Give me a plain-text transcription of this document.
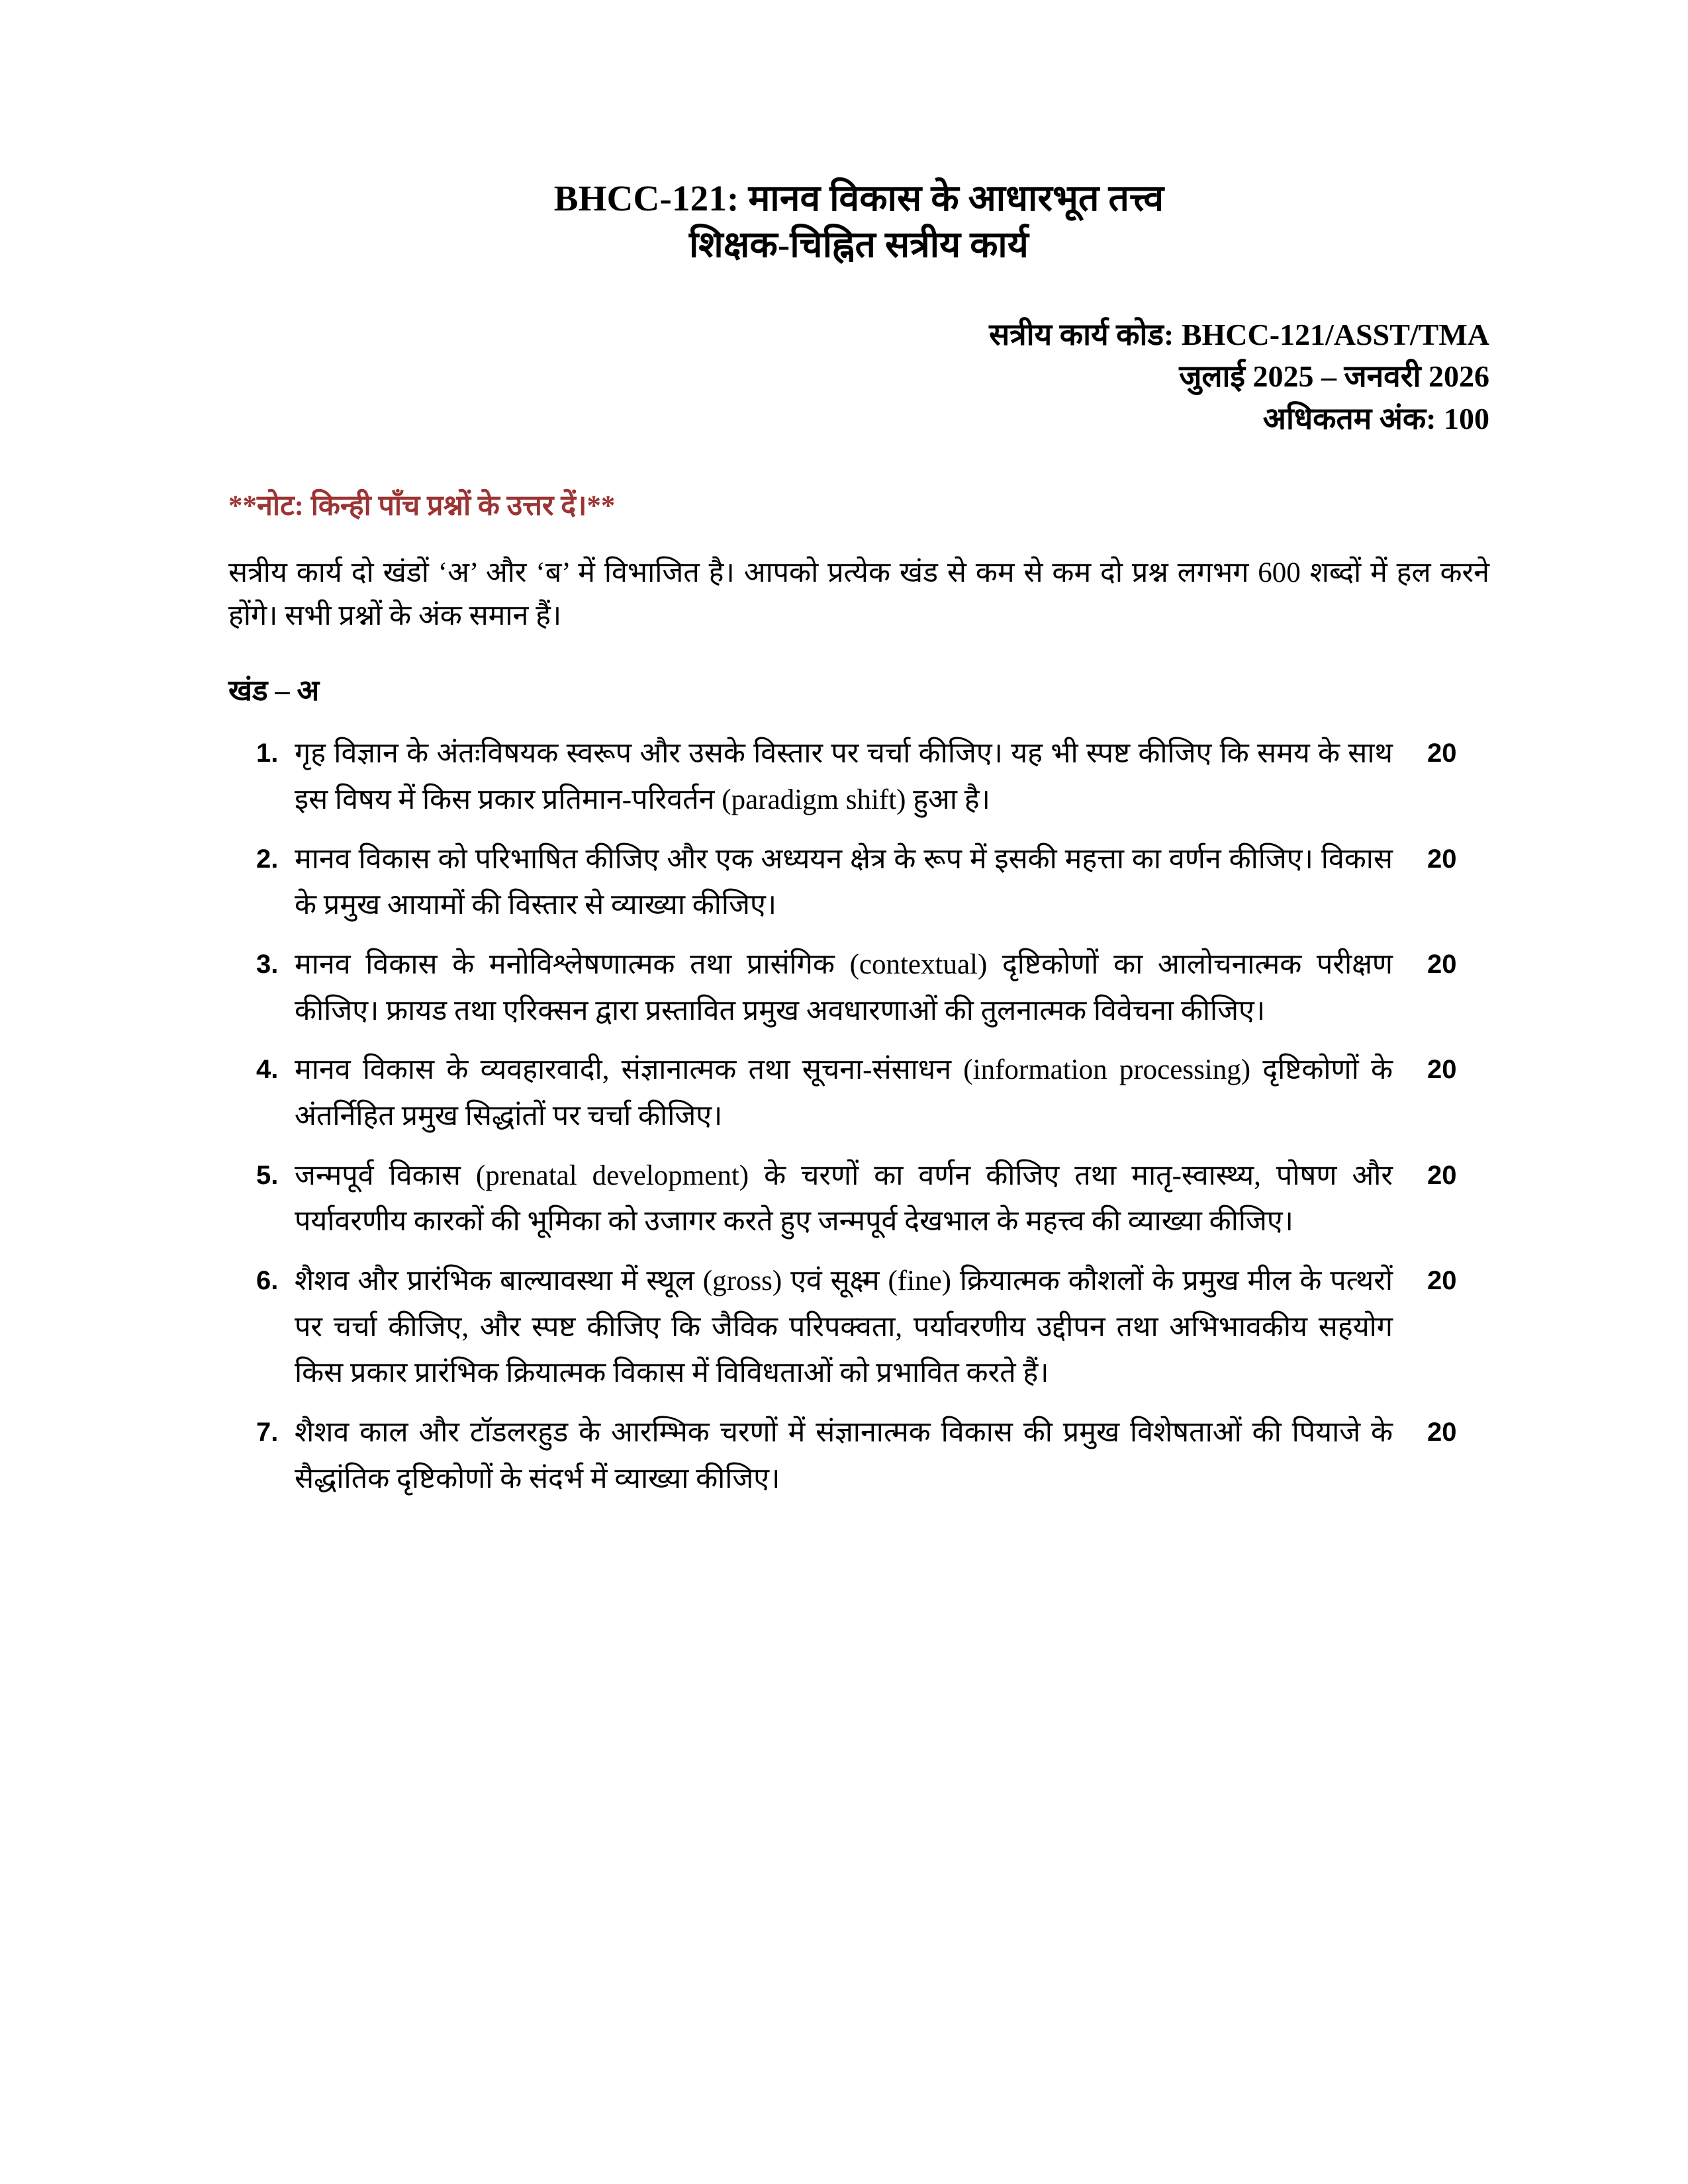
BHCC-121: मानव विकास के आधारभूत तत्त्व
शिक्षक-चिह्नित सत्रीय कार्य
सत्रीय कार्य कोड: BHCC-121/ASST/TMA
जुलाई 2025 – जनवरी 2026
अधिकतम अंक: 100
**नोट: किन्ही पाँच प्रश्नों के उत्तर दें।**
सत्रीय कार्य दो खंडों ‘अ’ और ‘ब’ में विभाजित है। आपको प्रत्येक खंड से कम से कम दो प्रश्न लगभग 600 शब्दों में हल करने होंगे। सभी प्रश्नों के अंक समान हैं।
खंड – अ
1. गृह विज्ञान के अंतःविषयक स्वरूप और उसके विस्तार पर चर्चा कीजिए। यह भी स्पष्ट कीजिए कि समय के साथ इस विषय में किस प्रकार प्रतिमान-परिवर्तन (paradigm shift) हुआ है।
20
2. मानव विकास को परिभाषित कीजिए और एक अध्ययन क्षेत्र के रूप में इसकी महत्ता का वर्णन कीजिए। विकास के प्रमुख आयामों की विस्तार से व्याख्या कीजिए।
20
3. मानव विकास के मनोविश्लेषणात्मक तथा प्रासंगिक (contextual) दृष्टिकोणों का आलोचनात्मक परीक्षण कीजिए। फ्रायड तथा एरिक्सन द्वारा प्रस्तावित प्रमुख अवधारणाओं की तुलनात्मक विवेचना कीजिए।
20
4. मानव विकास के व्यवहारवादी, संज्ञानात्मक तथा सूचना-संसाधन (information processing) दृष्टिकोणों के अंतर्निहित प्रमुख सिद्धांतों पर चर्चा कीजिए।
20
5. जन्मपूर्व विकास (prenatal development) के चरणों का वर्णन कीजिए तथा मातृ-स्वास्थ्य, पोषण और पर्यावरणीय कारकों की भूमिका को उजागर करते हुए जन्मपूर्व देखभाल के महत्त्व की व्याख्या कीजिए।
20
6. शैशव और प्रारंभिक बाल्यावस्था में स्थूल (gross) एवं सूक्ष्म (fine) क्रियात्मक कौशलों के प्रमुख मील के पत्थरों पर चर्चा कीजिए, और स्पष्ट कीजिए कि जैविक परिपक्वता, पर्यावरणीय उद्दीपन तथा अभिभावकीय सहयोग किस प्रकार प्रारंभिक क्रियात्मक विकास में विविधताओं को प्रभावित करते हैं।
20
7. शैशव काल और टॉडलरहुड के आरम्भिक चरणों में संज्ञानात्मक विकास की प्रमुख विशेषताओं की पियाजे के सैद्धांतिक दृष्टिकोणों के संदर्भ में व्याख्या कीजिए।
20
